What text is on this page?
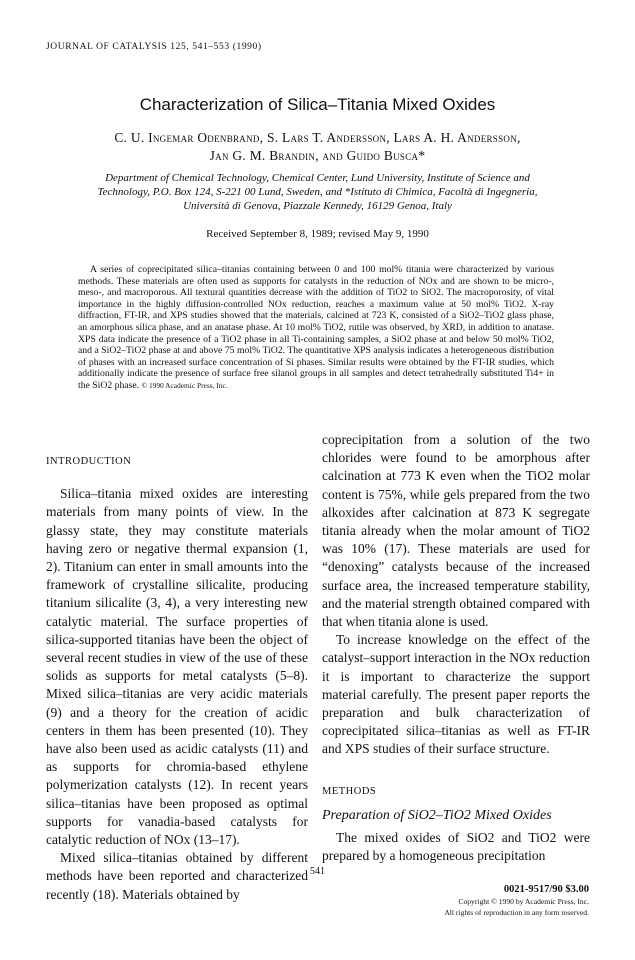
JOURNAL OF CATALYSIS 125, 541–553 (1990)
Characterization of Silica–Titania Mixed Oxides
C. U. Ingemar Odenbrand, S. Lars T. Andersson, Lars A. H. Andersson,
Jan G. M. Brandin, and Guido Busca*
Department of Chemical Technology, Chemical Center, Lund University, Institute of Science and
Technology, P.O. Box 124, S-221 00 Lund, Sweden, and *Istituto di Chimica, Facoltà di Ingegneria,
Università di Genova, Piazzale Kennedy, 16129 Genoa, Italy
Received September 8, 1989; revised May 9, 1990

A series of coprecipitated silica–titanias containing between 0 and 100 mol% titania were characterized by various methods. These materials are often used as supports for catalysts in the reduction of NOx and are shown to be micro-, meso-, and macroporous. All textural quantities decrease with the addition of TiO2 to SiO2. The macroporosity, of vital importance in the highly diffusion-controlled NOx reduction, reaches a maximum value at 50 mol% TiO2. X-ray diffraction, FT-IR, and XPS studies showed that the materials, calcined at 723 K, consisted of a SiO2–TiO2 glass phase, an amorphous silica phase, and an anatase phase. At 10 mol% TiO2, rutile was observed, by XRD, in addition to anatase. XPS data indicate the presence of a TiO2 phase in all Ti-containing samples, a SiO2 phase at and below 50 mol% TiO2, and a SiO2–TiO2 phase at and above 75 mol% TiO2. The quantitative XPS analysis indicates a heterogeneous distribution of phases with an increased surface concentration of Si phases. Similar results were obtained by the FT-IR studies, which additionally indicate the presence of surface free silanol groups in all samples and detect tetrahedrally substituted Ti4+ in the SiO2 phase. © 1990 Academic Press, Inc.

INTRODUCTION

Silica–titania mixed oxides are interesting materials from many points of view. In the glassy state, they may constitute materials having zero or negative thermal expansion (1, 2). Titanium can enter in small amounts into the framework of crystalline silicalite, producing titanium silicalite (3, 4), a very interesting new catalytic material. The surface properties of silica-supported titanias have been the object of several recent studies in view of the use of these solids as supports for metal catalysts (5–8). Mixed silica–titanias are very acidic materials (9) and a theory for the creation of acidic centers in them has been presented (10). They have also been used as acidic catalysts (11) and as supports for chromia-based ethylene polymerization catalysts (12). In recent years silica–titanias have been proposed as optimal supports for vanadia-based catalysts for catalytic reduction of NOx (13–17).

Mixed silica–titanias obtained by different methods have been reported and characterized recently (18). Materials obtained by

coprecipitation from a solution of the two chlorides were found to be amorphous after calcination at 773 K even when the TiO2 molar content is 75%, while gels prepared from the two alkoxides after calcination at 873 K segregate titania already when the molar amount of TiO2 was 10% (17). These materials are used for “denoxing” catalysts because of the increased surface area, the increased temperature stability, and the material strength obtained compared with that when titania alone is used.

To increase knowledge on the effect of the catalyst–support interaction in the NOx reduction it is important to characterize the support material carefully. The present paper reports the preparation and bulk characterization of coprecipitated silica–titanias as well as FT-IR and XPS studies of their surface structure.

METHODS

Preparation of SiO2–TiO2 Mixed Oxides

The mixed oxides of SiO2 and TiO2 were prepared by a homogeneous precipitation

541
0021-9517/90 $3.00
Copyright © 1990 by Academic Press, Inc.
All rights of reproduction in any form reserved.
